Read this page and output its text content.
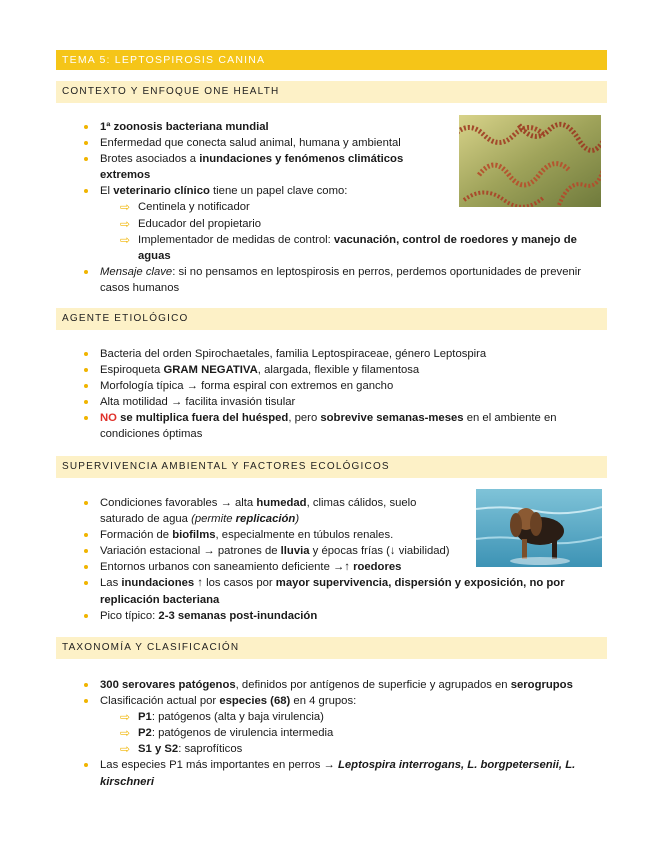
TEMA 5: LEPTOSPIROSIS CANINA
CONTEXTO Y ENFOQUE ONE HEALTH
1ª zoonosis bacteriana mundial
Enfermedad que conecta salud animal, humana y ambiental
Brotes asociados a inundaciones y fenómenos climáticos extremos
El veterinario clínico tiene un papel clave como:
⇨ Centinela y notificador
⇨ Educador del propietario
⇨ Implementador de medidas de control: vacunación, control de roedores y manejo de aguas
Mensaje clave: si no pensamos en leptospirosis en perros, perdemos oportunidades de prevenir casos humanos
AGENTE ETIOLÓGICO
Bacteria del orden Spirochaetales, familia Leptospiraceae, género Leptospira
Espiroqueta GRAM NEGATIVA, alargada, flexible y filamentosa
Morfología típica → forma espiral con extremos en gancho
Alta motilidad → facilita invasión tisular
NO se multiplica fuera del huésped, pero sobrevive semanas-meses en el ambiente en condiciones óptimas
SUPERVIVENCIA AMBIENTAL Y FACTORES ECOLÓGICOS
Condiciones favorables → alta humedad, climas cálidos, suelo saturado de agua (permite replicación)
Formación de biofilms, especialmente en túbulos renales.
Variación estacional → patrones de lluvia y épocas frías (↓ viabilidad)
Entornos urbanos con saneamiento deficiente →↑ roedores
Las inundaciones ↑ los casos por mayor supervivencia, dispersión y exposición, no por replicación bacteriana
Pico típico: 2-3 semanas post-inundación
TAXONOMÍA Y CLASIFICACIÓN
300 serovares patógenos, definidos por antígenos de superficie y agrupados en serogrupos
Clasificación actual por especies (68) en 4 grupos:
⇨ P1: patógenos (alta y baja virulencia)
⇨ P2: patógenos de virulencia intermedia
⇨ S1 y S2: saprofíticos
Las especies P1 más importantes en perros → Leptospira interrogans, L. borgpetersenii, L. kirschneri
